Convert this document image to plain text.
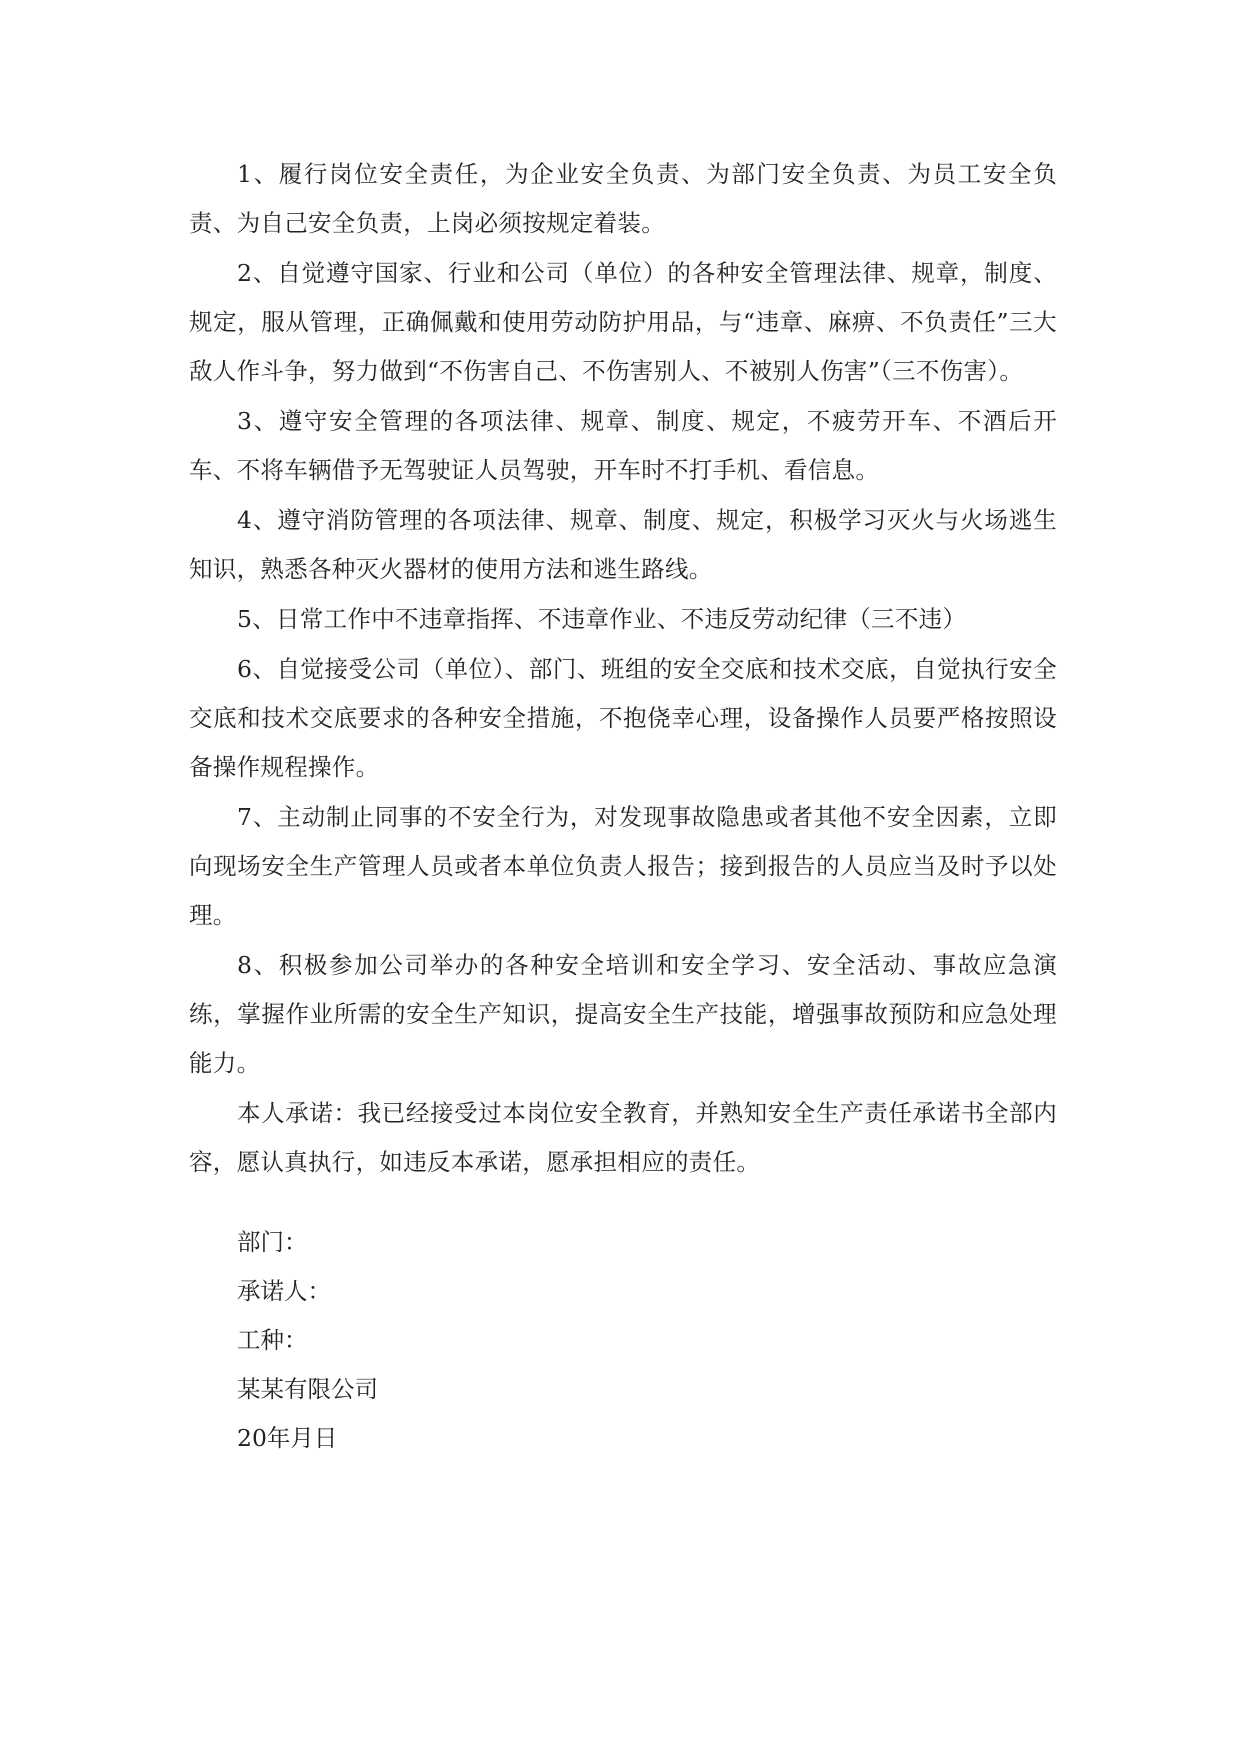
1、履行岗位安全责任，为企业安全负责、为部门安全负责、为员工安全负责、为自己安全负责，上岗必须按规定着装。

2、自觉遵守国家、行业和公司（单位）的各种安全管理法律、规章，制度、规定，服从管理，正确佩戴和使用劳动防护用品，与“违章、麻痹、不负责任”三大敌人作斗争，努力做到“不伤害自己、不伤害别人、不被别人伤害”（三不伤害）。

3、遵守安全管理的各项法律、规章、制度、规定，不疲劳开车、不酒后开车、不将车辆借予无驾驶证人员驾驶，开车时不打手机、看信息。

4、遵守消防管理的各项法律、规章、制度、规定，积极学习灭火与火场逃生知识，熟悉各种灭火器材的使用方法和逃生路线。

5、日常工作中不违章指挥、不违章作业、不违反劳动纪律（三不违）

6、自觉接受公司（单位）、部门、班组的安全交底和技术交底，自觉执行安全交底和技术交底要求的各种安全措施，不抱侥幸心理，设备操作人员要严格按照设备操作规程操作。

7、主动制止同事的不安全行为，对发现事故隐患或者其他不安全因素，立即向现场安全生产管理人员或者本单位负责人报告；接到报告的人员应当及时予以处理。

8、积极参加公司举办的各种安全培训和安全学习、安全活动、事故应急演练，掌握作业所需的安全生产知识，提高安全生产技能，增强事故预防和应急处理能力。

本人承诺：我已经接受过本岗位安全教育，并熟知安全生产责任承诺书全部内容，愿认真执行，如违反本承诺，愿承担相应的责任。

部门：
承诺人：
工种：
某某有限公司
20年月日
